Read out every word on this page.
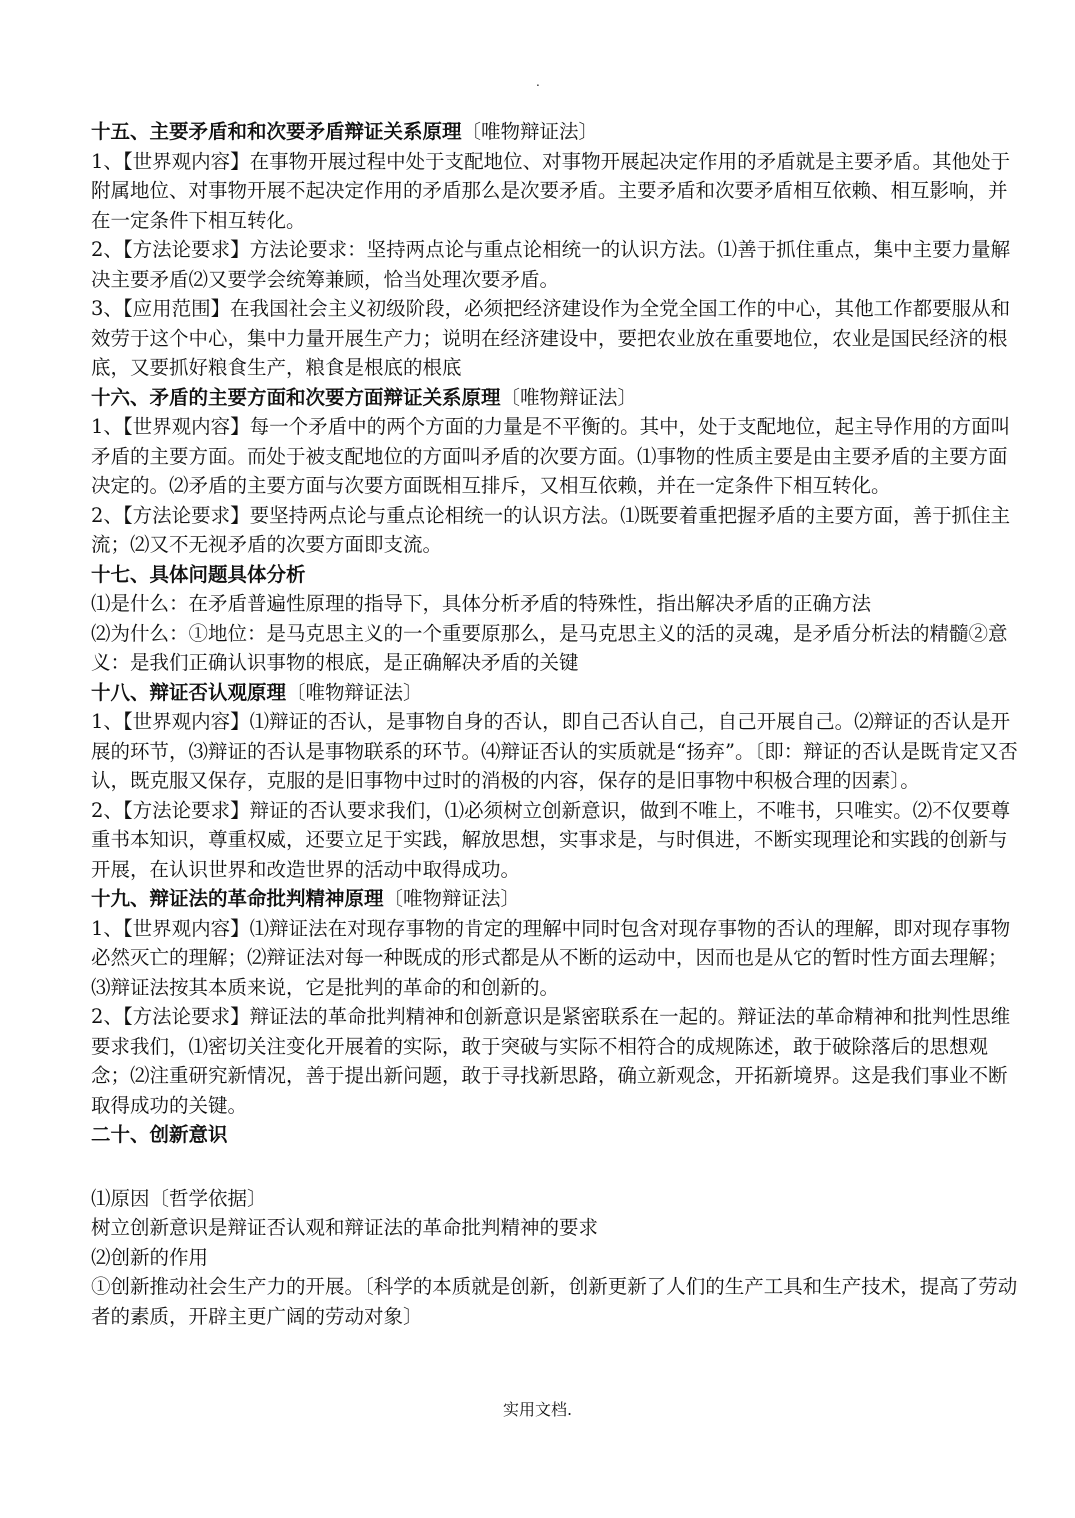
.

十五、主要矛盾和和次要矛盾辩证关系原理〔唯物辩证法〕

1、【世界观内容】在事物开展过程中处于支配地位、对事物开展起决定作用的矛盾就是主要矛盾。其他处于附属地位、对事物开展不起决定作用的矛盾那么是次要矛盾。主要矛盾和次要矛盾相互依赖、相互影响，并在一定条件下相互转化。

2、【方法论要求】方法论要求：坚持两点论与重点论相统一的认识方法。⑴善于抓住重点，集中主要力量解决主要矛盾⑵又要学会统筹兼顾，恰当处理次要矛盾。

3、【应用范围】在我国社会主义初级阶段，必须把经济建设作为全党全国工作的中心，其他工作都要服从和效劳于这个中心，集中力量开展生产力；说明在经济建设中，要把农业放在重要地位，农业是国民经济的根底，又要抓好粮食生产，粮食是根底的根底

十六、矛盾的主要方面和次要方面辩证关系原理〔唯物辩证法〕

1、【世界观内容】每一个矛盾中的两个方面的力量是不平衡的。其中，处于支配地位，起主导作用的方面叫矛盾的主要方面。而处于被支配地位的方面叫矛盾的次要方面。⑴事物的性质主要是由主要矛盾的主要方面决定的。⑵矛盾的主要方面与次要方面既相互排斥，又相互依赖，并在一定条件下相互转化。

2、【方法论要求】要坚持两点论与重点论相统一的认识方法。⑴既要着重把握矛盾的主要方面，善于抓住主流；⑵又不无视矛盾的次要方面即支流。

十七、具体问题具体分析

⑴是什么：在矛盾普遍性原理的指导下，具体分析矛盾的特殊性，指出解决矛盾的正确方法

⑵为什么：①地位：是马克思主义的一个重要原那么，是马克思主义的活的灵魂，是矛盾分析法的精髓②意义：是我们正确认识事物的根底，是正确解决矛盾的关键

十八、辩证否认观原理〔唯物辩证法〕

1、【世界观内容】⑴辩证的否认，是事物自身的否认，即自己否认自己，自己开展自己。⑵辩证的否认是开展的环节，⑶辩证的否认是事物联系的环节。⑷辩证否认的实质就是“扬弃”。〔即：辩证的否认是既肯定又否认，既克服又保存，克服的是旧事物中过时的消极的内容，保存的是旧事物中积极合理的因素〕。

2、【方法论要求】辩证的否认要求我们，⑴必须树立创新意识，做到不唯上，不唯书，只唯实。⑵不仅要尊重书本知识，尊重权威，还要立足于实践，解放思想，实事求是，与时俱进，不断实现理论和实践的创新与开展，在认识世界和改造世界的活动中取得成功。

十九、辩证法的革命批判精神原理〔唯物辩证法〕

1、【世界观内容】⑴辩证法在对现存事物的肯定的理解中同时包含对现存事物的否认的理解，即对现存事物必然灭亡的理解；⑵辩证法对每一种既成的形式都是从不断的运动中，因而也是从它的暂时性方面去理解；⑶辩证法按其本质来说，它是批判的革命的和创新的。

2、【方法论要求】辩证法的革命批判精神和创新意识是紧密联系在一起的。辩证法的革命精神和批判性思维要求我们，⑴密切关注变化开展着的实际，敢于突破与实际不相符合的成规陈述，敢于破除落后的思想观念；⑵注重研究新情况，善于提出新问题，敢于寻找新思路，确立新观念，开拓新境界。这是我们事业不断取得成功的关键。

二十、创新意识

⑴原因〔哲学依据〕

树立创新意识是辩证否认观和辩证法的革命批判精神的要求

⑵创新的作用

①创新推动社会生产力的开展。〔科学的本质就是创新，创新更新了人们的生产工具和生产技术，提高了劳动者的素质，开辟主更广阔的劳动对象〕

实用文档.
